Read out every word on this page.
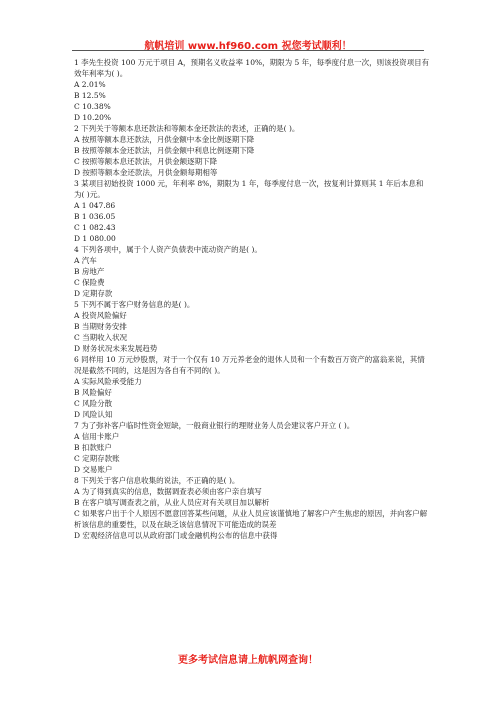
航帆培训 www.hf960.com 祝您考试顺利！
1 李先生投资 100 万元于项目 A，预期名义收益率 10%，期限为 5 年，每季度付息一次，则该投资项目有效年利率为( )。
A 2.01%
B 12.5%
C 10.38%
D 10.20%
2 下列关于等额本息还款法和等额本金还款法的表述，正确的是( )。
A 按照等额本息还款法，月供金额中本金比例逐期下降
B 按照等额本金还款法，月供金额中利息比例逐期下降
C 按照等额本息还款法，月供金额逐期下降
D 按照等额本金还款法，月供金额每期相等
3 某项目初始投资 1000 元，年利率 8%，期限为 1 年，每季度付息一次，按复利计算则其 1 年后本息和为( )元。
A 1 047.86
B 1 036.05
C 1 082.43
D 1 080.00
4 下列各项中，属于个人资产负债表中流动资产的是( )。
A 汽车
B 房地产
C 保险费
D 定期存款
5 下列不属于客户财务信息的是( )。
A 投资风险偏好
B 当期财务安排
C 当期收入状况
D 财务状况未来发展趋势
6 同样用 10 万元炒股票，对于一个仅有 10 万元养老金的退休人员和一个有数百万资产的富翁来说，其情况是截然不同的，这是因为各自有不同的( )。
A 实际风险承受能力
B 风险偏好
C 风险分散
D 风险认知
7 为了弥补客户临时性资金短缺，一般商业银行的理财业务人员会建议客户开立 ( )。
A 信用卡账户
B 扣款账户
C 定期存款账
D 交易账户
8 下列关于客户信息收集的说法，不正确的是( )。
A 为了得到真实的信息，数据调查表必须由客户亲自填写
B 在客户填写调查表之前，从业人员应对有关项目加以解析
C 如果客户出于个人原因不愿意回答某些问题，从业人员应该谨慎地了解客户产生焦虑的原因，并向客户解析该信息的重要性，以及在缺乏该信息情况下可能造成的误差
D 宏观经济信息可以从政府部门或金融机构公布的信息中获得
更多考试信息请上航帆网查询！
